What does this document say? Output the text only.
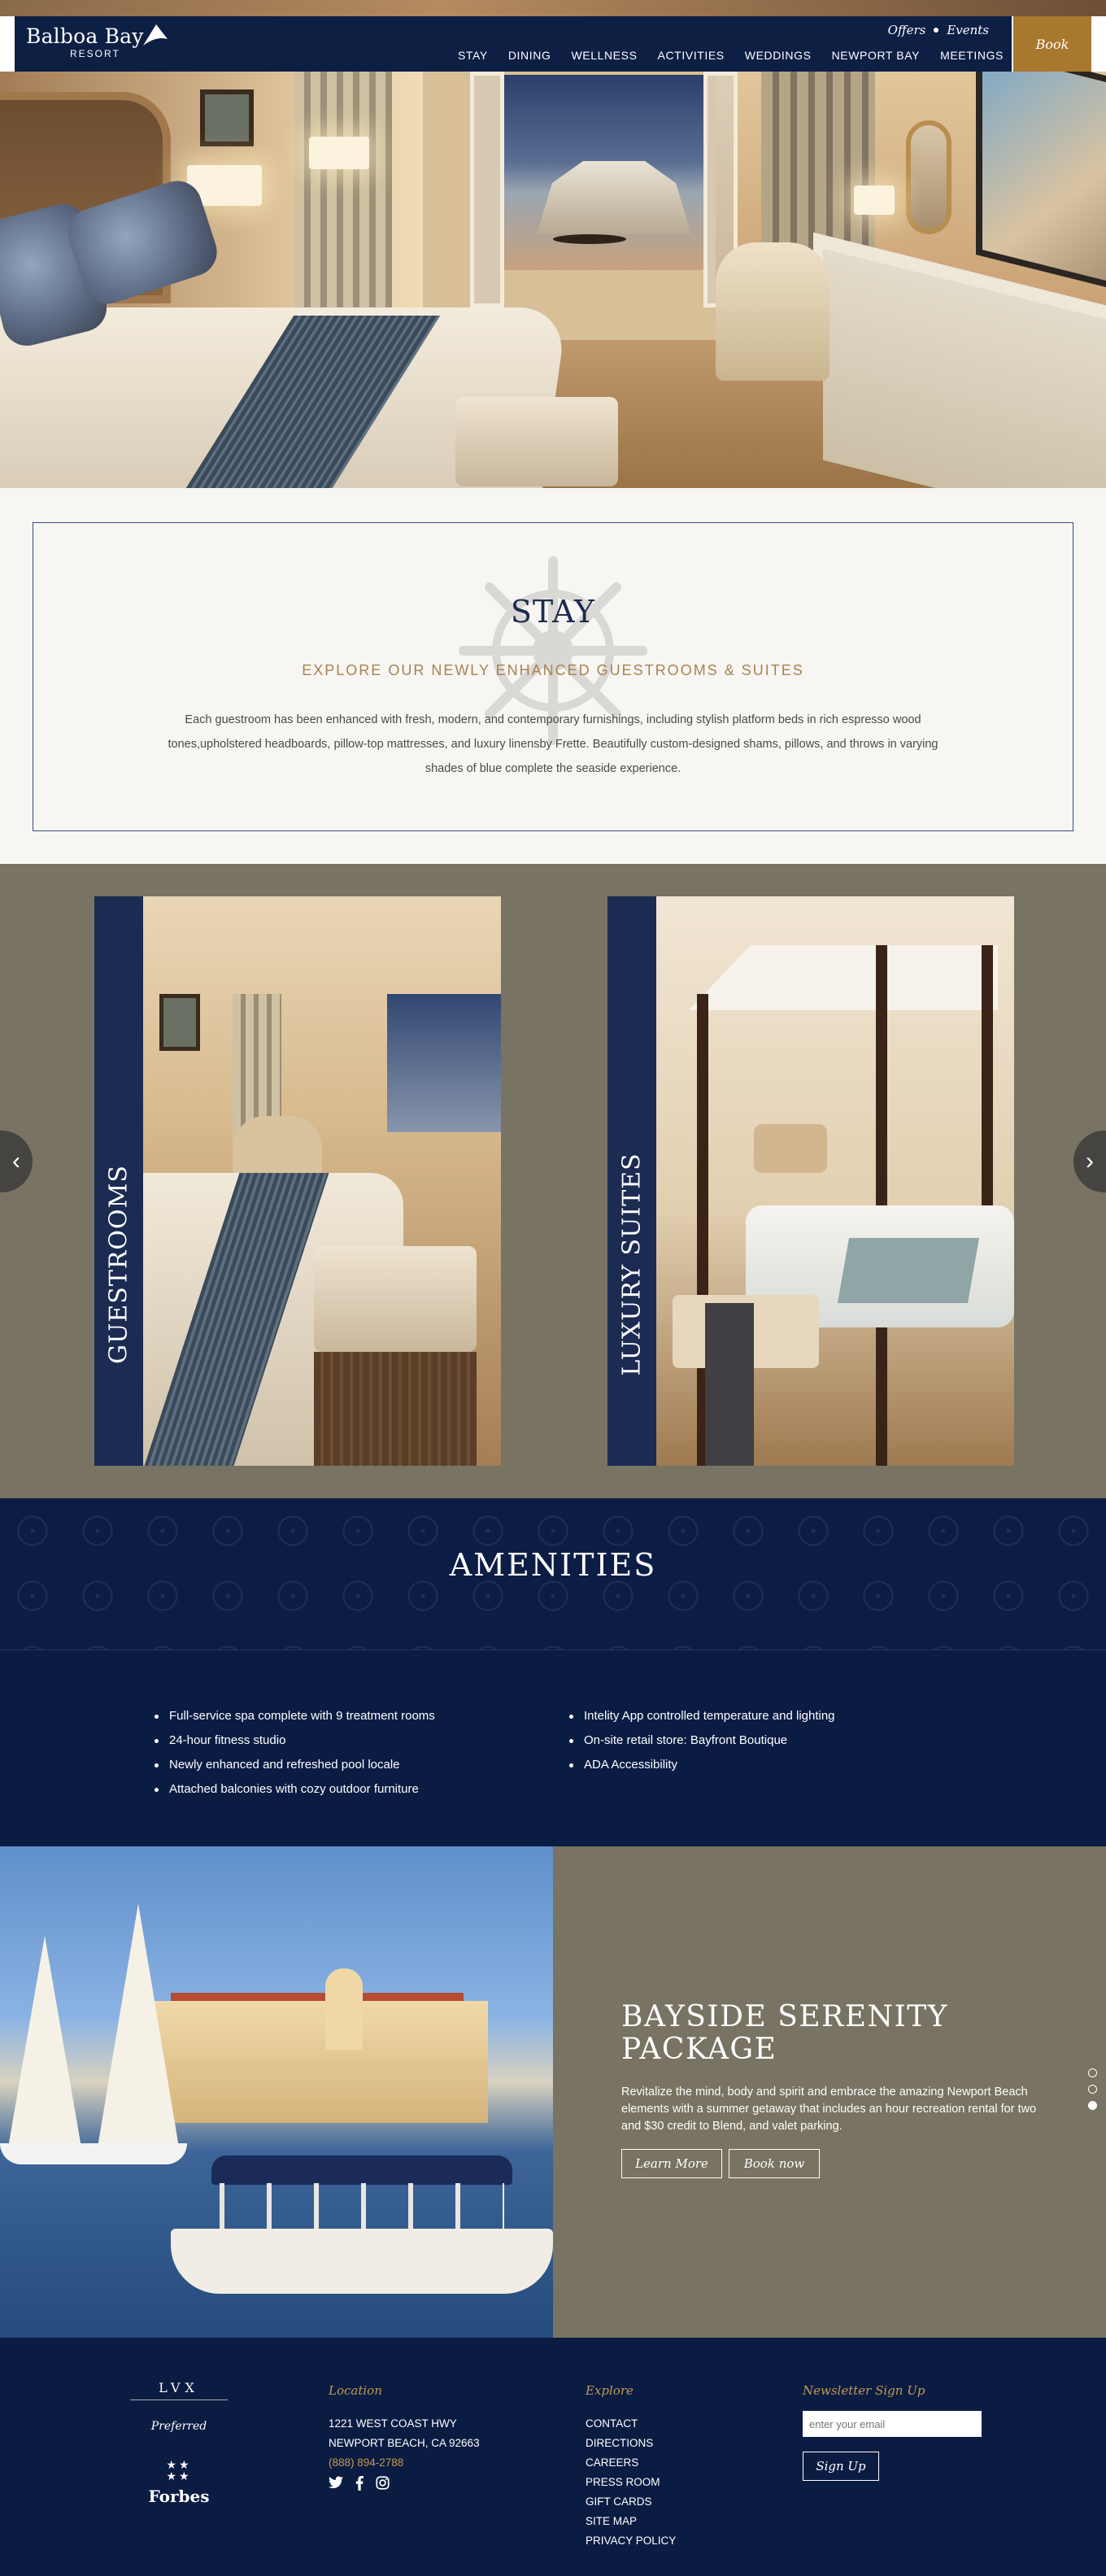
Balboa Bay
RESORT
Offers Events
STAY DINING WELLNESS ACTIVITIES WEDDINGS NEWPORT BAY MEETINGS
Book
STAY
EXPLORE OUR NEWLY ENHANCED GUESTROOMS & SUITES

Each guestroom has been enhanced with fresh, modern, and contemporary furnishings, including stylish platform beds in rich espresso wood tones,upholstered headboards, pillow-top mattresses, and luxury linensby Frette. Beautifully custom-designed shams, pillows, and throws in varying shades of blue complete the seaside experience.

GUESTROOMS	LUXURY SUITES
‹	›
AMENITIES
Full-service spa complete with 9 treatment rooms
24-hour fitness studio
Newly enhanced and refreshed pool locale
Attached balconies with cozy outdoor furniture
Intelity App controlled temperature and lighting
On-site retail store: Bayfront Boutique
ADA Accessibility
BAYSIDE SERENITY PACKAGE

Revitalize the mind, body and spirit and embrace the amazing Newport Beach elements with a summer getaway that includes an hour recreation rental for two and $30 credit to Blend, and valet parking.

Learn More	Book now
LVX
Preferred
★★
★★
Forbes
Location
1221 WEST COAST HWY
NEWPORT BEACH, CA 92663
(888) 894-2788
Explore
CONTACT
DIRECTIONS
CAREERS
PRESS ROOM
GIFT CARDS
SITE MAP
PRIVACY POLICY
Newsletter Sign Up
enter your email
Sign Up
